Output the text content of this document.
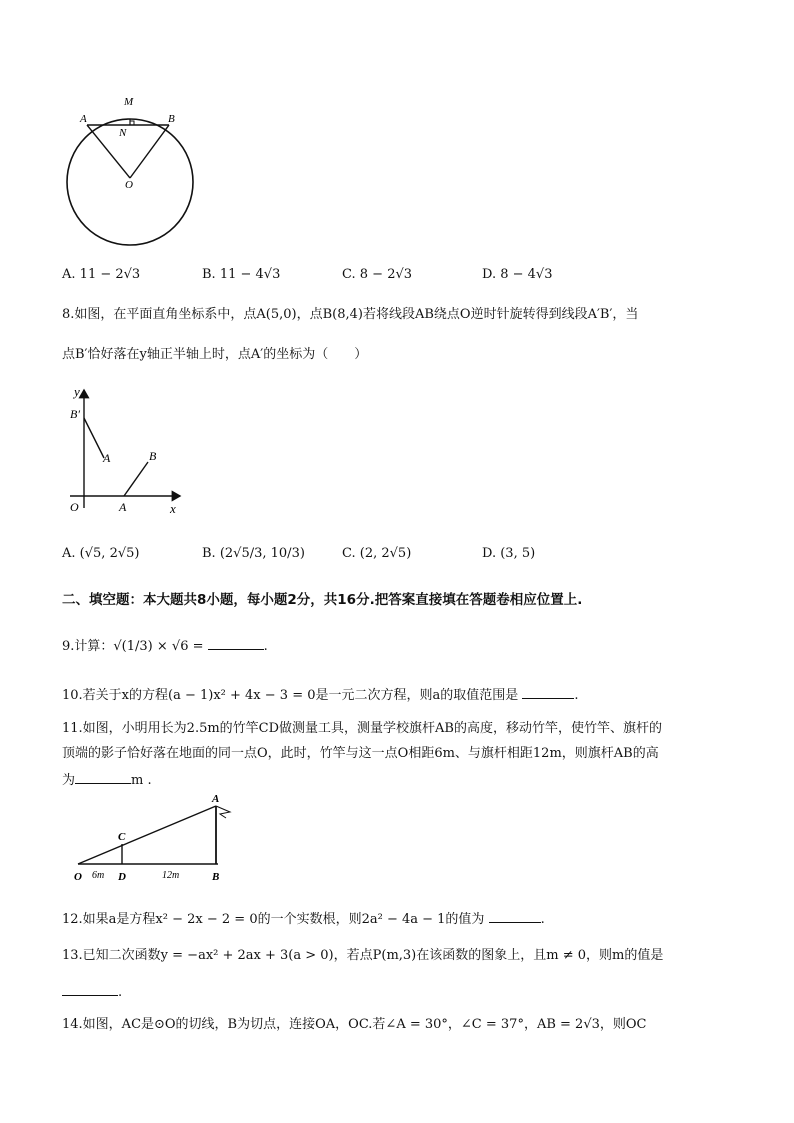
A
M
B
N
O
A. 11 − 2√3	B. 11 − 4√3	C. 8 − 2√3	D. 8 − 4√3
8.如图，在平面直角坐标系中，点A(5,0)，点B(8,4)若将线段AB绕点O逆时针旋转得到线段A′B′，当
点B′恰好落在y轴正半轴上时，点A′的坐标为（　　）
y
B′
A	B
O	A	x
A. (√5, 2√5)	B. (2√5/3, 10/3)	C. (2, 2√5)	D. (3, 5)
二、填空题：本大题共8小题，每小题2分，共16分.把答案直接填在答题卷相应位置上.
9.计算：√(1/3) × √6 =	.
10.若关于x的方程(a − 1)x² + 4x − 3 = 0是一元二次方程，则a的取值范围是	.
11.如图，小明用长为2.5m的竹竿CD做测量工具，测量学校旗杆AB的高度，移动竹竿，使竹竿、旗杆的
顶端的影子恰好落在地面的同一点O，此时，竹竿与这一点O相距6m、与旗杆相距12m，则旗杆AB的高
为	m .
A
C
O	D	B
6m	12m
12.如果a是方程x² − 2x − 2 = 0的一个实数根，则2a² − 4a − 1的值为	.
13.已知二次函数y = −ax² + 2ax + 3(a > 0)，若点P(m,3)在该函数的图象上，且m ≠ 0，则m的值是
.
14.如图，AC是⊙O的切线，B为切点，连接OA，OC.若∠A = 30°，∠C = 37°，AB = 2√3，则OC
